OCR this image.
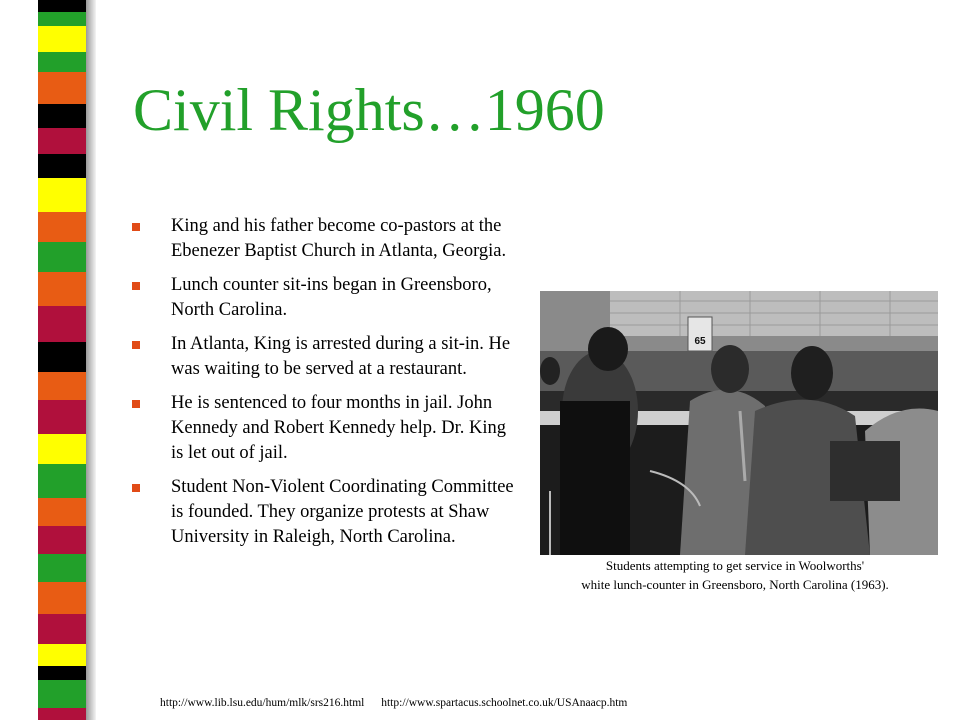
Civil Rights…1960
King and his father become co-pastors at the Ebenezer Baptist Church in Atlanta, Georgia.
Lunch counter sit-ins began in Greensboro, North Carolina.
In Atlanta, King is arrested during a sit-in. He was waiting to be served at a restaurant.
He is sentenced to four months in jail. John Kennedy and Robert Kennedy help. Dr. King is let out of jail.
Student Non-Violent Coordinating Committee is founded. They organize protests at Shaw University in Raleigh, North Carolina.
65
Students attempting to get service in Woolworths'
white lunch-counter in Greensboro, North Carolina (1963).
http://www.lib.lsu.edu/hum/mlk/srs216.html http://www.spartacus.schoolnet.co.uk/USAnaacp.htm
